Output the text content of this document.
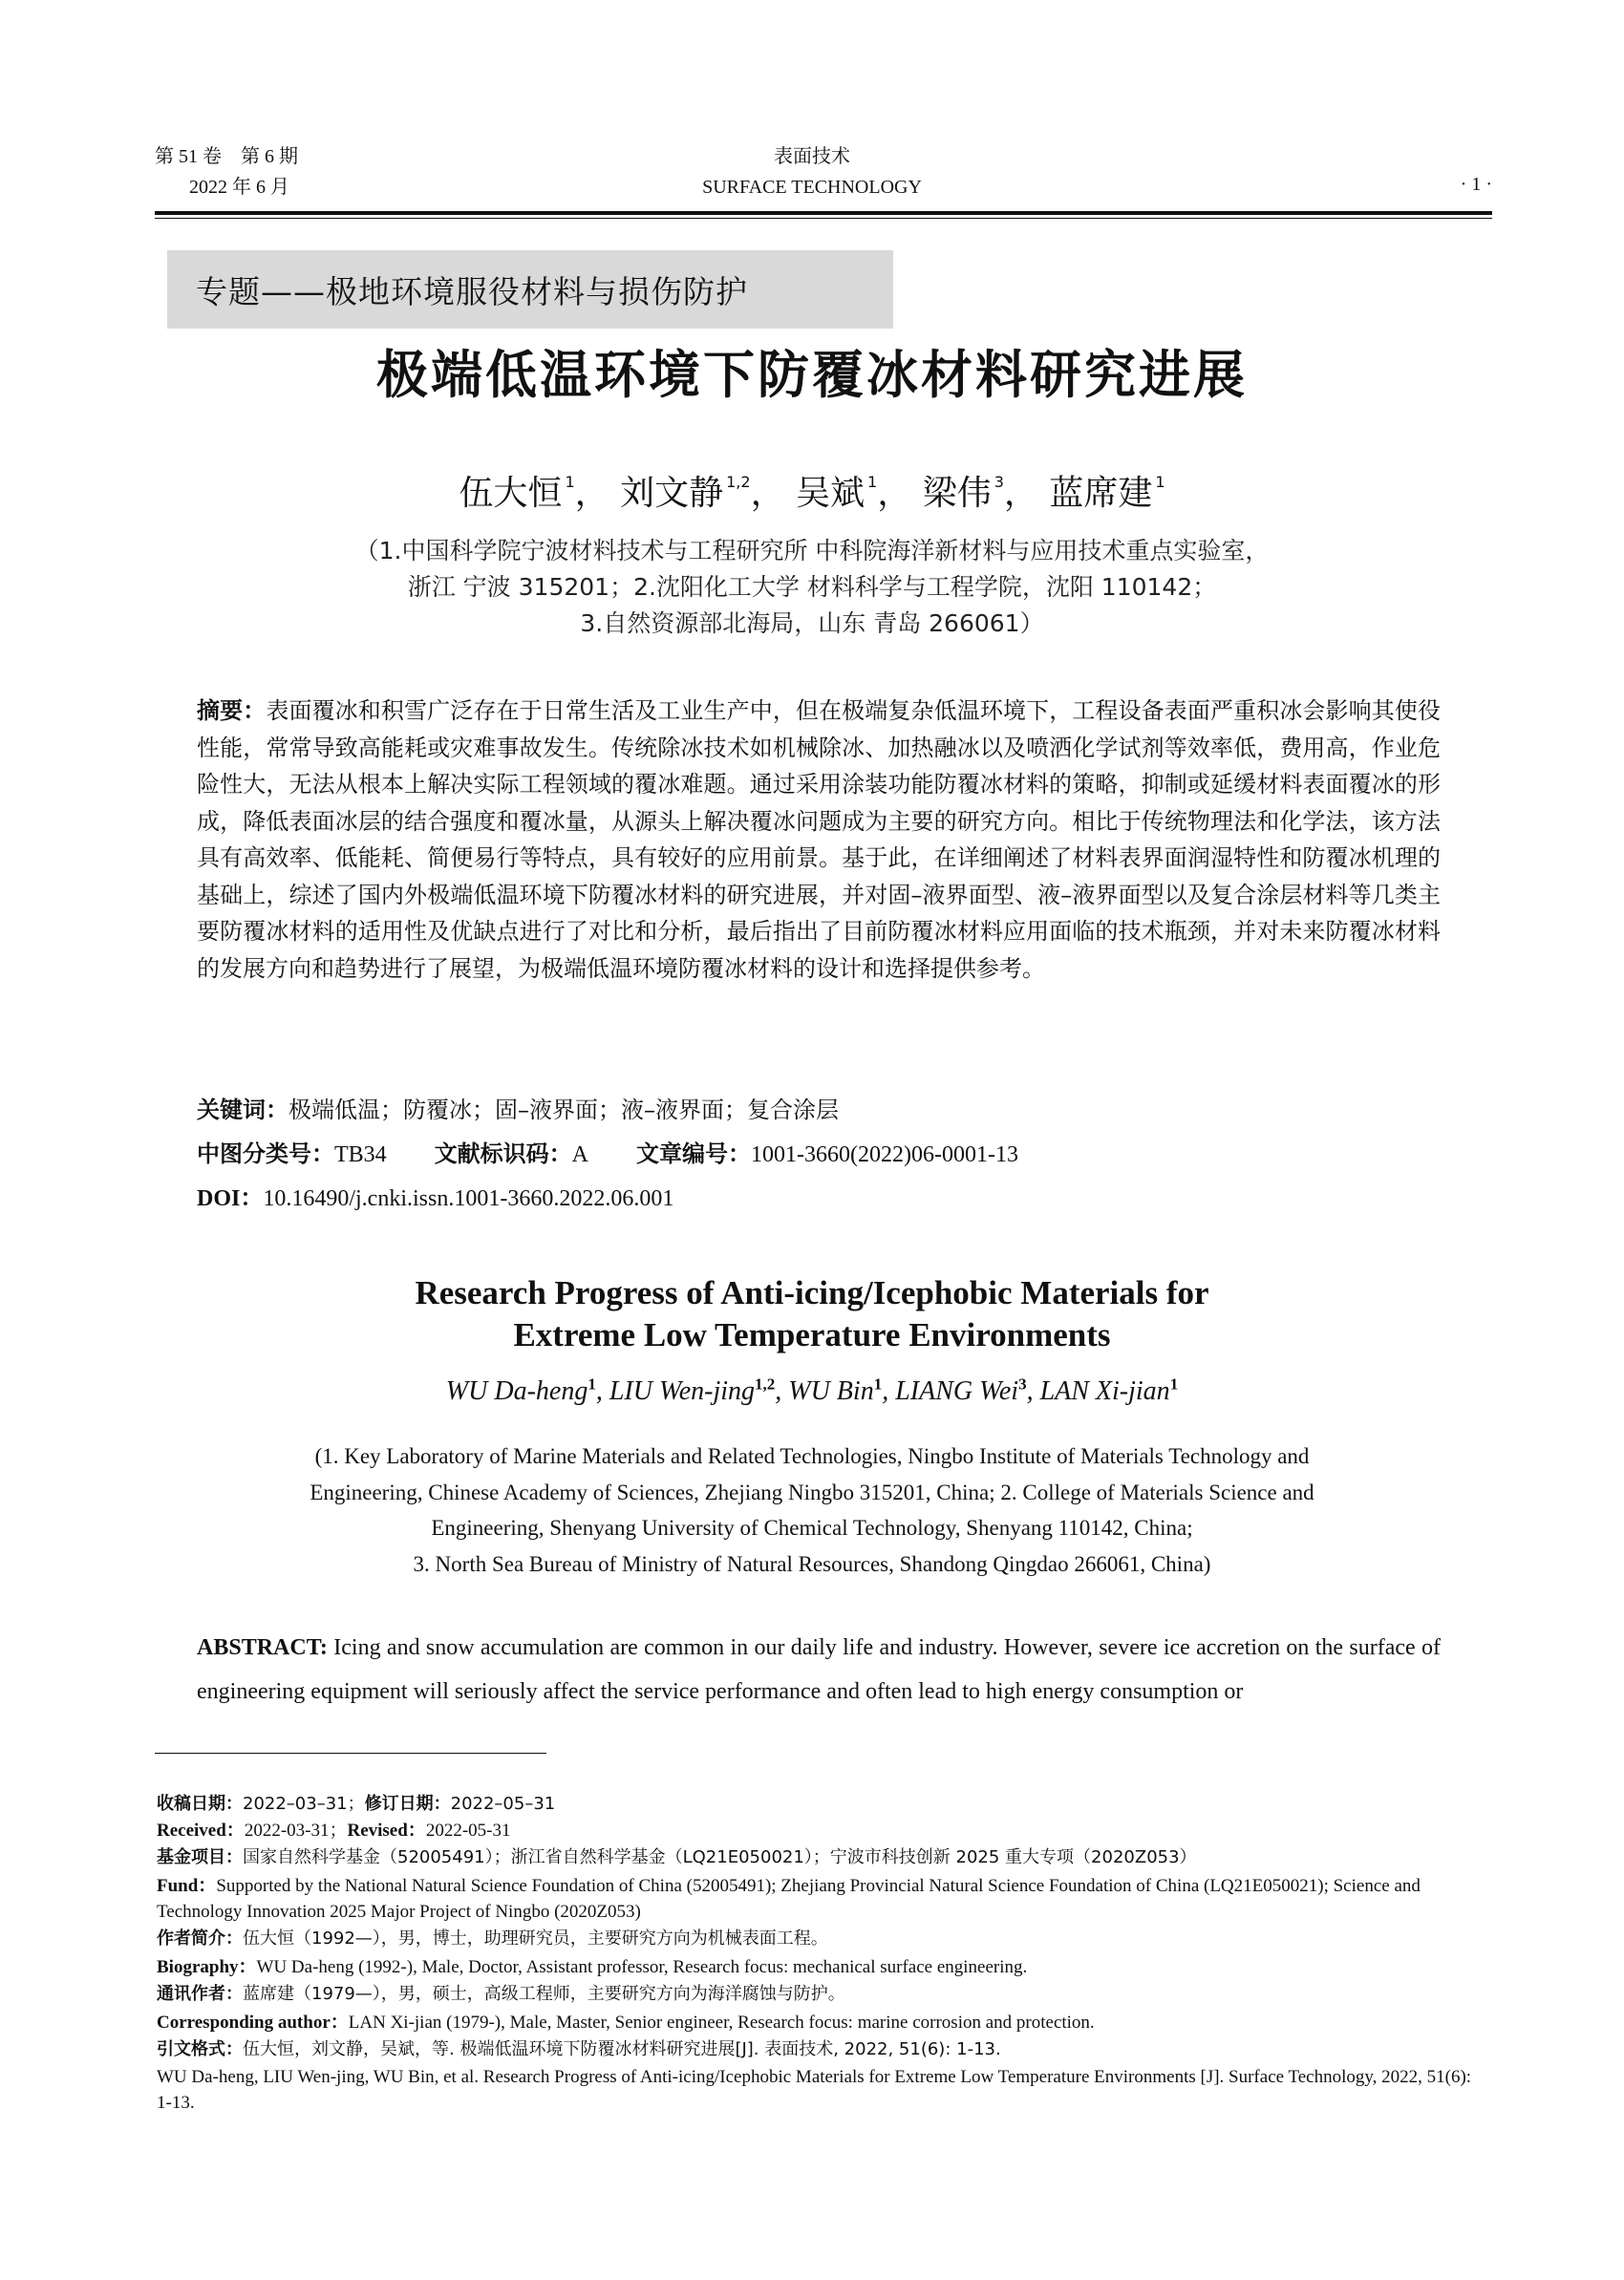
第 51 卷　第 6 期
2022 年 6 月
表面技术
SURFACE TECHNOLOGY	· 1 ·
专题——极地环境服役材料与损伤防护
极端低温环境下防覆冰材料研究进展
伍大恒 $^1$， 刘文静 $^{1,2}$， 吴斌 $^1$， 梁伟 $^3$， 蓝席建 $^1$
（1.中国科学院宁波材料技术与工程研究所 中科院海洋新材料与应用技术重点实验室，
浙江 宁波 315201；2.沈阳化工大学 材料科学与工程学院，沈阳 110142；
3.自然资源部北海局，山东 青岛 266061）
摘要：表面覆冰和积雪广泛存在于日常生活及工业生产中，但在极端复杂低温环境下，工程设备表面严重积冰会影响其使役性能，常常导致高能耗或灾难事故发生。传统除冰技术如机械除冰、加热融冰以及喷洒化学试剂等效率低，费用高，作业危险性大，无法从根本上解决实际工程领域的覆冰难题。通过采用涂装功能防覆冰材料的策略，抑制或延缓材料表面覆冰的形成，降低表面冰层的结合强度和覆冰量，从源头上解决覆冰问题成为主要的研究方向。相比于传统物理法和化学法，该方法具有高效率、低能耗、简便易行等特点，具有较好的应用前景。基于此，在详细阐述了材料表界面润湿特性和防覆冰机理的基础上，综述了国内外极端低温环境下防覆冰材料的研究进展，并对固–液界面型、液–液界面型以及复合涂层材料等几类主要防覆冰材料的适用性及优缺点进行了对比和分析，最后指出了目前防覆冰材料应用面临的技术瓶颈，并对未来防覆冰材料的发展方向和趋势进行了展望，为极端低温环境防覆冰材料的设计和选择提供参考。
关键词：极端低温；防覆冰；固–液界面；液–液界面；复合涂层
中图分类号：TB34 文献标识码：A 文章编号：1001-3660(2022)06-0001-13
DOI：10.16490/j.cnki.issn.1001-3660.2022.06.001
Research Progress of Anti-icing/Icephobic Materials for
Extreme Low Temperature Environments
WU Da-heng$^1$, LIU Wen-jing$^{1,2}$, WU Bin$^1$, LIANG Wei$^3$, LAN Xi-jian$^1$
(1. Key Laboratory of Marine Materials and Related Technologies, Ningbo Institute of Materials Technology and
Engineering, Chinese Academy of Sciences, Zhejiang Ningbo 315201, China; 2. College of Materials Science and
Engineering, Shenyang University of Chemical Technology, Shenyang 110142, China;
3. North Sea Bureau of Ministry of Natural Resources, Shandong Qingdao 266061, China)
ABSTRACT: Icing and snow accumulation are common in our daily life and industry. However, severe ice accretion on the surface of engineering equipment will seriously affect the service performance and often lead to high energy consumption or
收稿日期：2022–03–31；修订日期：2022–05–31
Received：2022-03-31；Revised：2022-05-31
基金项目：国家自然科学基金（52005491）；浙江省自然科学基金（LQ21E050021）；宁波市科技创新 2025 重大专项（2020Z053）
Fund：Supported by the National Natural Science Foundation of China (52005491); Zhejiang Provincial Natural Science Foundation of China (LQ21E050021); Science and Technology Innovation 2025 Major Project of Ningbo (2020Z053)
作者简介：伍大恒（1992—），男，博士，助理研究员，主要研究方向为机械表面工程。
Biography：WU Da-heng (1992-), Male, Doctor, Assistant professor, Research focus: mechanical surface engineering.
通讯作者：蓝席建（1979—），男，硕士，高级工程师，主要研究方向为海洋腐蚀与防护。
Corresponding author：LAN Xi-jian (1979-), Male, Master, Senior engineer, Research focus: marine corrosion and protection.
引文格式：伍大恒，刘文静，吴斌，等. 极端低温环境下防覆冰材料研究进展[J]. 表面技术, 2022, 51(6): 1-13.
WU Da-heng, LIU Wen-jing, WU Bin, et al. Research Progress of Anti-icing/Icephobic Materials for Extreme Low Temperature Environments [J]. Surface Technology, 2022, 51(6): 1-13.
